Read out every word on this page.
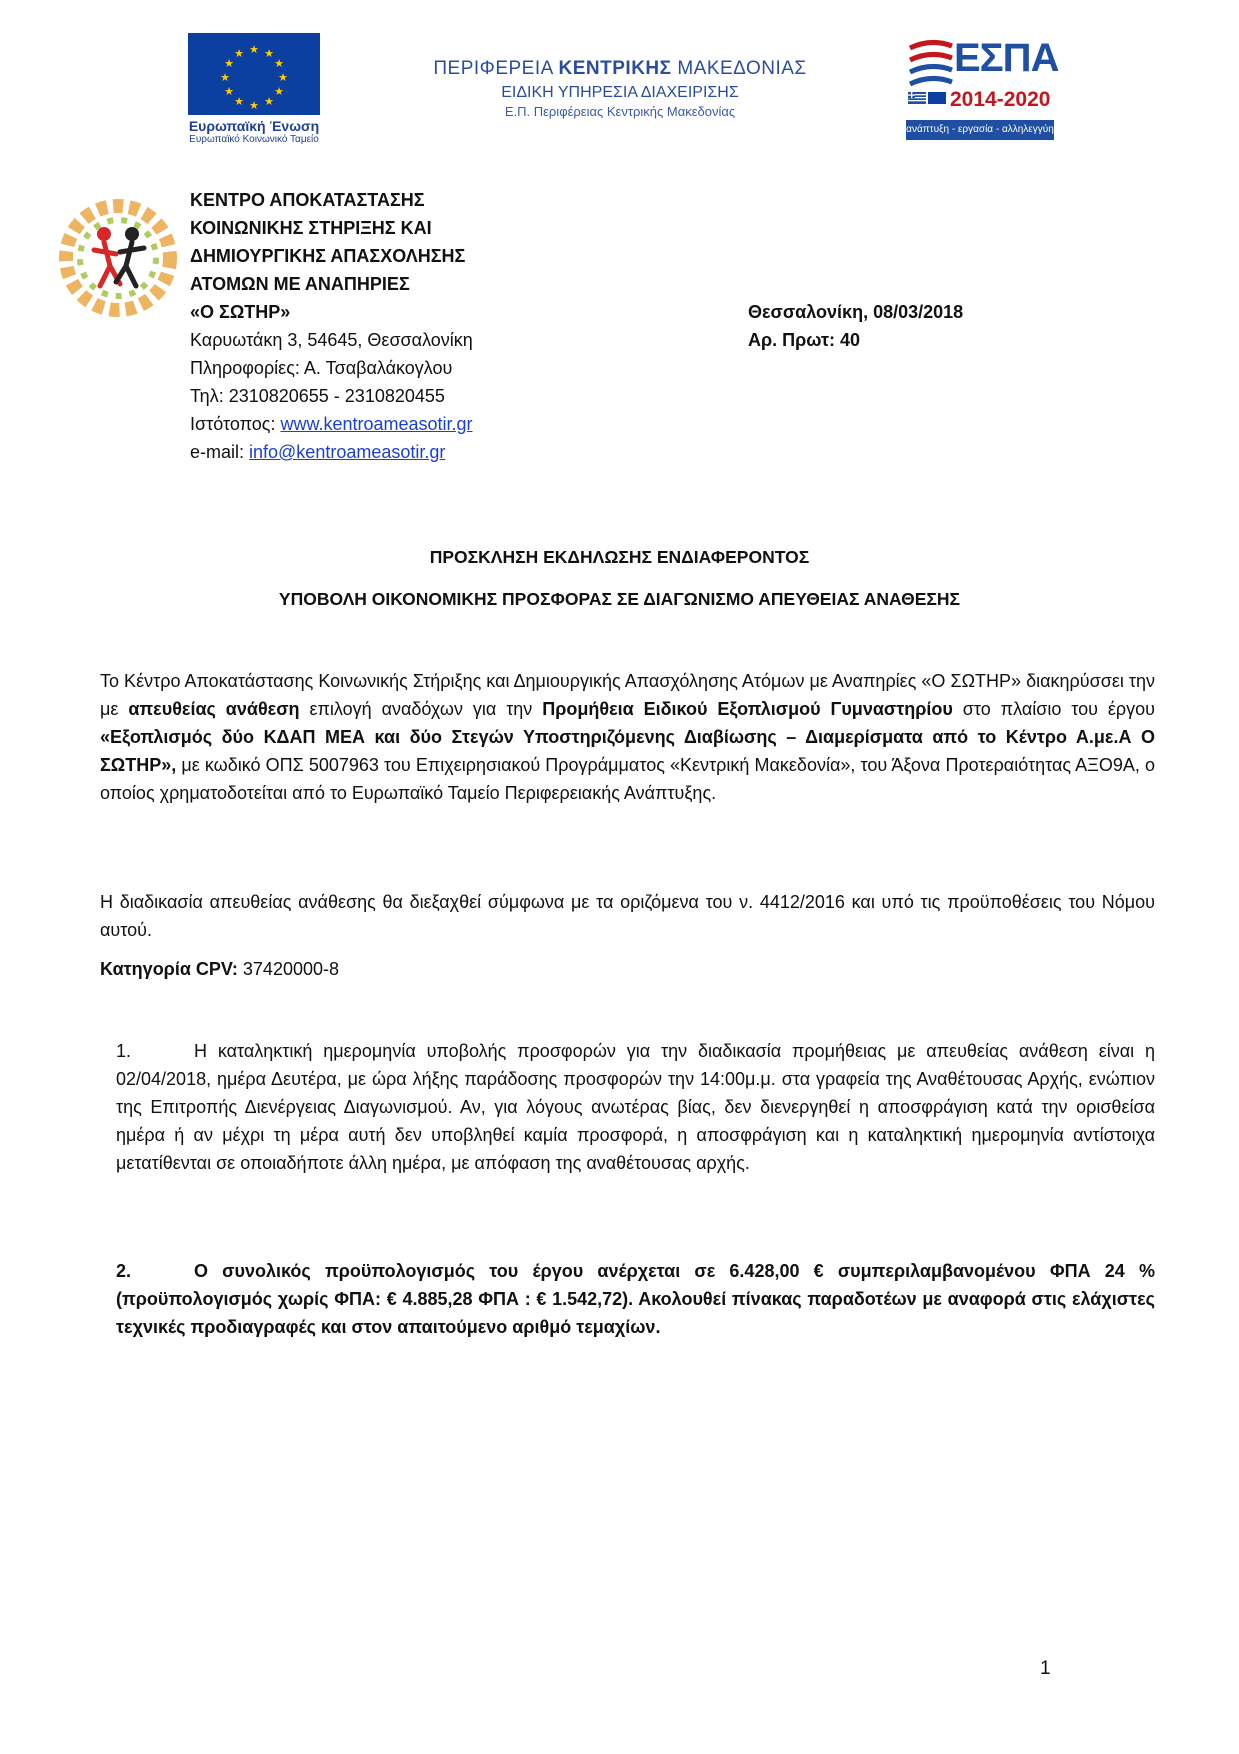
★ ★
★
★
★
★
★
★
★
★
★
★
Ευρωπαϊκή Ένωση
Ευρωπαϊκό Κοινωνικό Ταμείο
ΠΕΡΙΦΕΡΕΙΑ ΚΕΝΤΡΙΚΗΣ ΜΑΚΕΔΟΝΙΑΣ
ΕΙΔΙΚΗ ΥΠΗΡΕΣΙΑ ΔΙΑΧΕΙΡΙΣΗΣ
Ε.Π. Περιφέρειας Κεντρικής Μακεδονίας
ΕΣΠΑ
2014-2020
ανάπτυξη - εργασία - αλληλεγγύη
ΚΕΝΤΡΟ ΑΠΟΚΑΤΑΣΤΑΣΗΣ
ΚΟΙΝΩΝΙΚΗΣ ΣΤΗΡΙΞΗΣ ΚΑΙ
ΔΗΜΙΟΥΡΓΙΚΗΣ ΑΠΑΣΧΟΛΗΣΗΣ
ΑΤΟΜΩΝ ΜΕ ΑΝΑΠΗΡΙΕΣ
«Ο ΣΩΤΗΡ»
Καρυωτάκη 3, 54645, Θεσσαλονίκη
Πληροφορίες: Α. Τσαβαλάκογλου
Τηλ: 2310820655 - 2310820455
Ιστότοπος: www.kentroameasotir.gr
e-mail: info@kentroameasotir.gr
Θεσσαλονίκη, 08/03/2018
Αρ. Πρωτ: 40
ΠΡΟΣΚΛΗΣΗ ΕΚΔΗΛΩΣΗΣ ΕΝΔΙΑΦΕΡΟΝΤΟΣ
ΥΠΟΒΟΛΗ ΟΙΚΟΝΟΜΙΚΗΣ ΠΡΟΣΦΟΡΑΣ ΣΕ ΔΙΑΓΩΝΙΣΜΟ ΑΠΕΥΘΕΙΑΣ ΑΝΑΘΕΣΗΣ
Το Κέντρο Αποκατάστασης Κοινωνικής Στήριξης και Δημιουργικής Απασχόλησης Ατόμων με Αναπηρίες «Ο ΣΩΤΗΡ» διακηρύσσει την με απευθείας ανάθεση επιλογή αναδόχων για την Προμήθεια Ειδικού Εξοπλισμού Γυμναστηρίου στο πλαίσιο του έργου «Εξοπλισμός δύο ΚΔΑΠ ΜΕΑ και δύο Στεγών Υποστηριζόμενης Διαβίωσης – Διαμερίσματα από το Κέντρο Α.με.Α Ο ΣΩΤΗΡ», με κωδικό ΟΠΣ 5007963 του Επιχειρησιακού Προγράμματος «Κεντρική Μακεδονία», του Άξονα Προτεραιότητας ΑΞΟ9Α, ο οποίος χρηματοδοτείται από το Ευρωπαϊκό Ταμείο Περιφερειακής Ανάπτυξης.
Η διαδικασία απευθείας ανάθεσης θα διεξαχθεί σύμφωνα με τα οριζόμενα του ν. 4412/2016 και υπό τις προϋποθέσεις του Νόμου αυτού.
Κατηγορία CPV: 37420000-8
1.	Η καταληκτική ημερομηνία υποβολής προσφορών για την διαδικασία προμήθειας με απευθείας ανάθεση είναι η 02/04/2018, ημέρα Δευτέρα, με ώρα λήξης παράδοσης προσφορών την 14:00μ.μ. στα γραφεία της Αναθέτουσας Αρχής, ενώπιον της Επιτροπής Διενέργειας Διαγωνισμού. Αν, για λόγους ανωτέρας βίας, δεν διενεργηθεί η αποσφράγιση κατά την ορισθείσα ημέρα ή αν μέχρι τη μέρα αυτή δεν υποβληθεί καμία προσφορά, η αποσφράγιση και η καταληκτική ημερομηνία αντίστοιχα μετατίθενται σε οποιαδήποτε άλλη ημέρα, με απόφαση της αναθέτουσας αρχής.
2.	Ο συνολικός προϋπολογισμός του έργου ανέρχεται σε 6.428,00 € συμπεριλαμβανομένου ΦΠΑ 24 % (προϋπολογισμός χωρίς ΦΠΑ: € 4.885,28 ΦΠΑ : € 1.542,72). Ακολουθεί πίνακας παραδοτέων με αναφορά στις ελάχιστες τεχνικές προδιαγραφές και στον απαιτούμενο αριθμό τεμαχίων.
1
